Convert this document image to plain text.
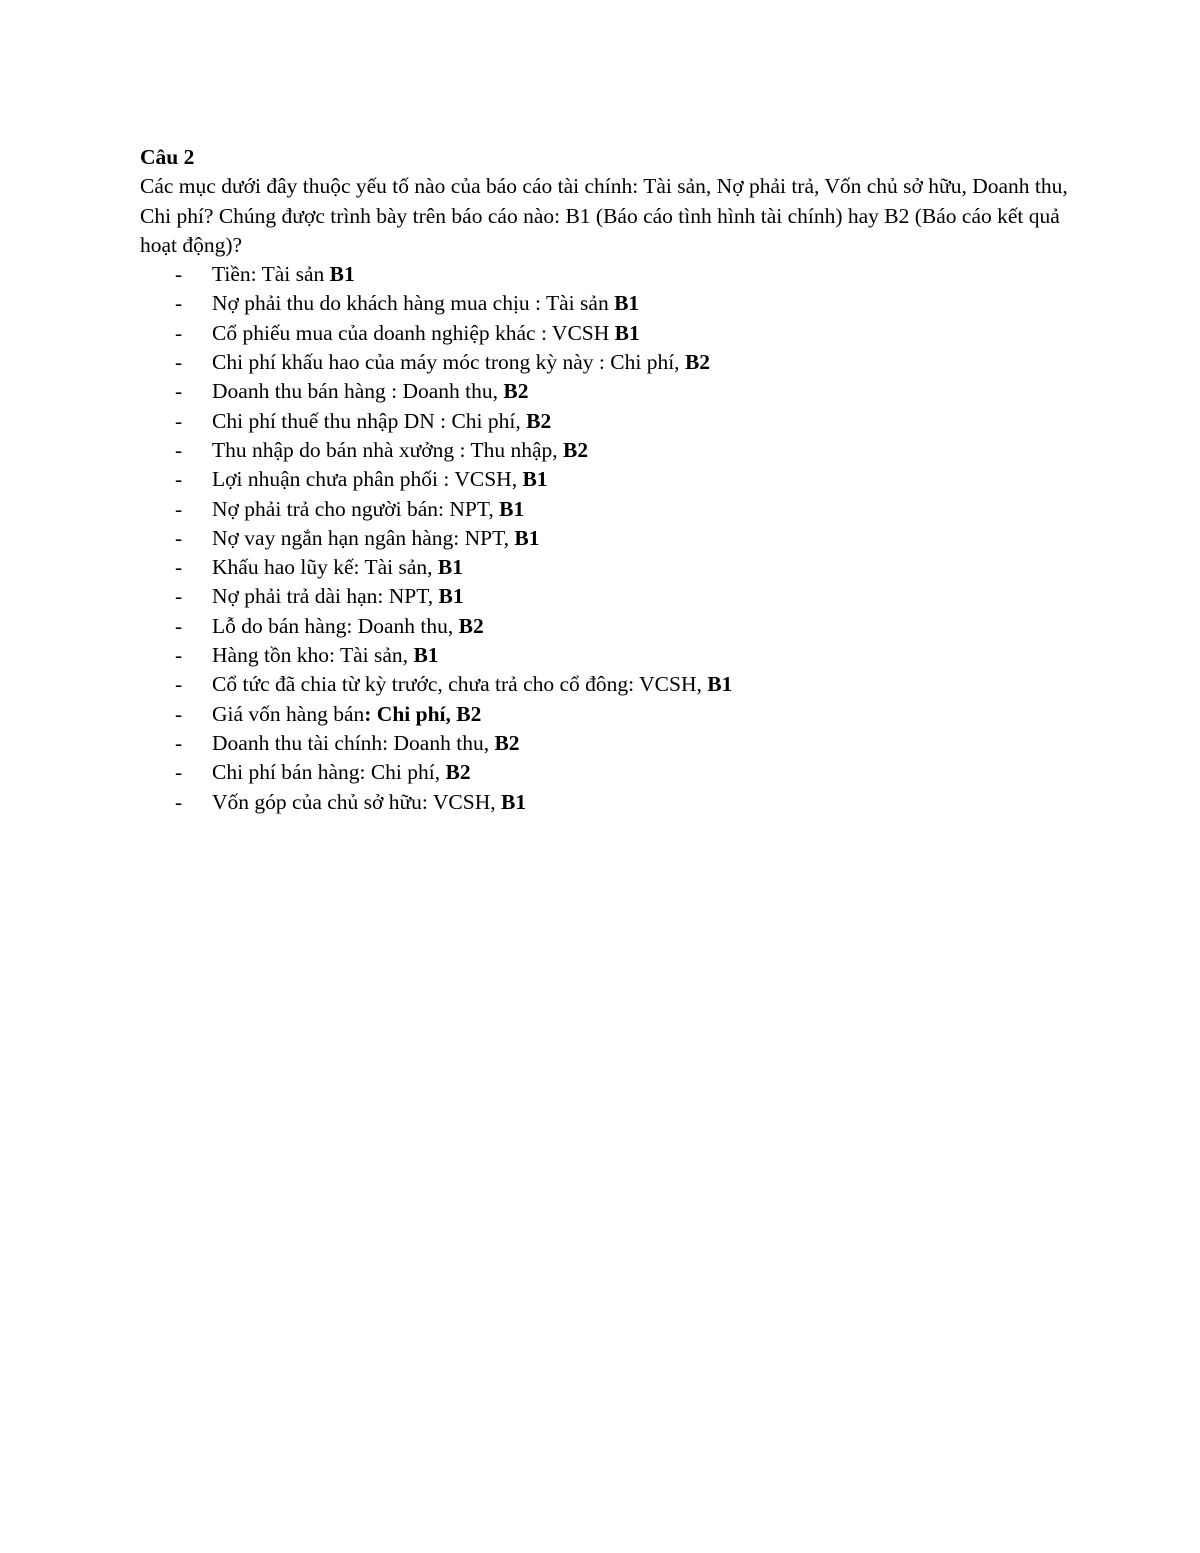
Câu 2

Các mục dưới đây thuộc yếu tố nào của báo cáo tài chính: Tài sản, Nợ phải trả, Vốn chủ sở hữu, Doanh thu, Chi phí? Chúng được trình bày trên báo cáo nào: B1 (Báo cáo tình hình tài chính) hay B2 (Báo cáo kết quả hoạt động)?

- Tiền: Tài sản B1
- Nợ phải thu do khách hàng mua chịu : Tài sản B1
- Cổ phiếu mua của doanh nghiệp khác : VCSH B1
- Chi phí khấu hao của máy móc trong kỳ này : Chi phí, B2
- Doanh thu bán hàng : Doanh thu, B2
- Chi phí thuế thu nhập DN : Chi phí, B2
- Thu nhập do bán nhà xưởng : Thu nhập, B2
- Lợi nhuận chưa phân phối : VCSH, B1
- Nợ phải trả cho người bán: NPT, B1
- Nợ vay ngắn hạn ngân hàng: NPT, B1
- Khấu hao lũy kế: Tài sản, B1
- Nợ phải trả dài hạn: NPT, B1
- Lỗ do bán hàng: Doanh thu, B2
- Hàng tồn kho: Tài sản, B1
- Cổ tức đã chia từ kỳ trước, chưa trả cho cổ đông: VCSH, B1
- Giá vốn hàng bán: Chi phí, B2
- Doanh thu tài chính: Doanh thu, B2
- Chi phí bán hàng: Chi phí, B2
- Vốn góp của chủ sở hữu: VCSH, B1
